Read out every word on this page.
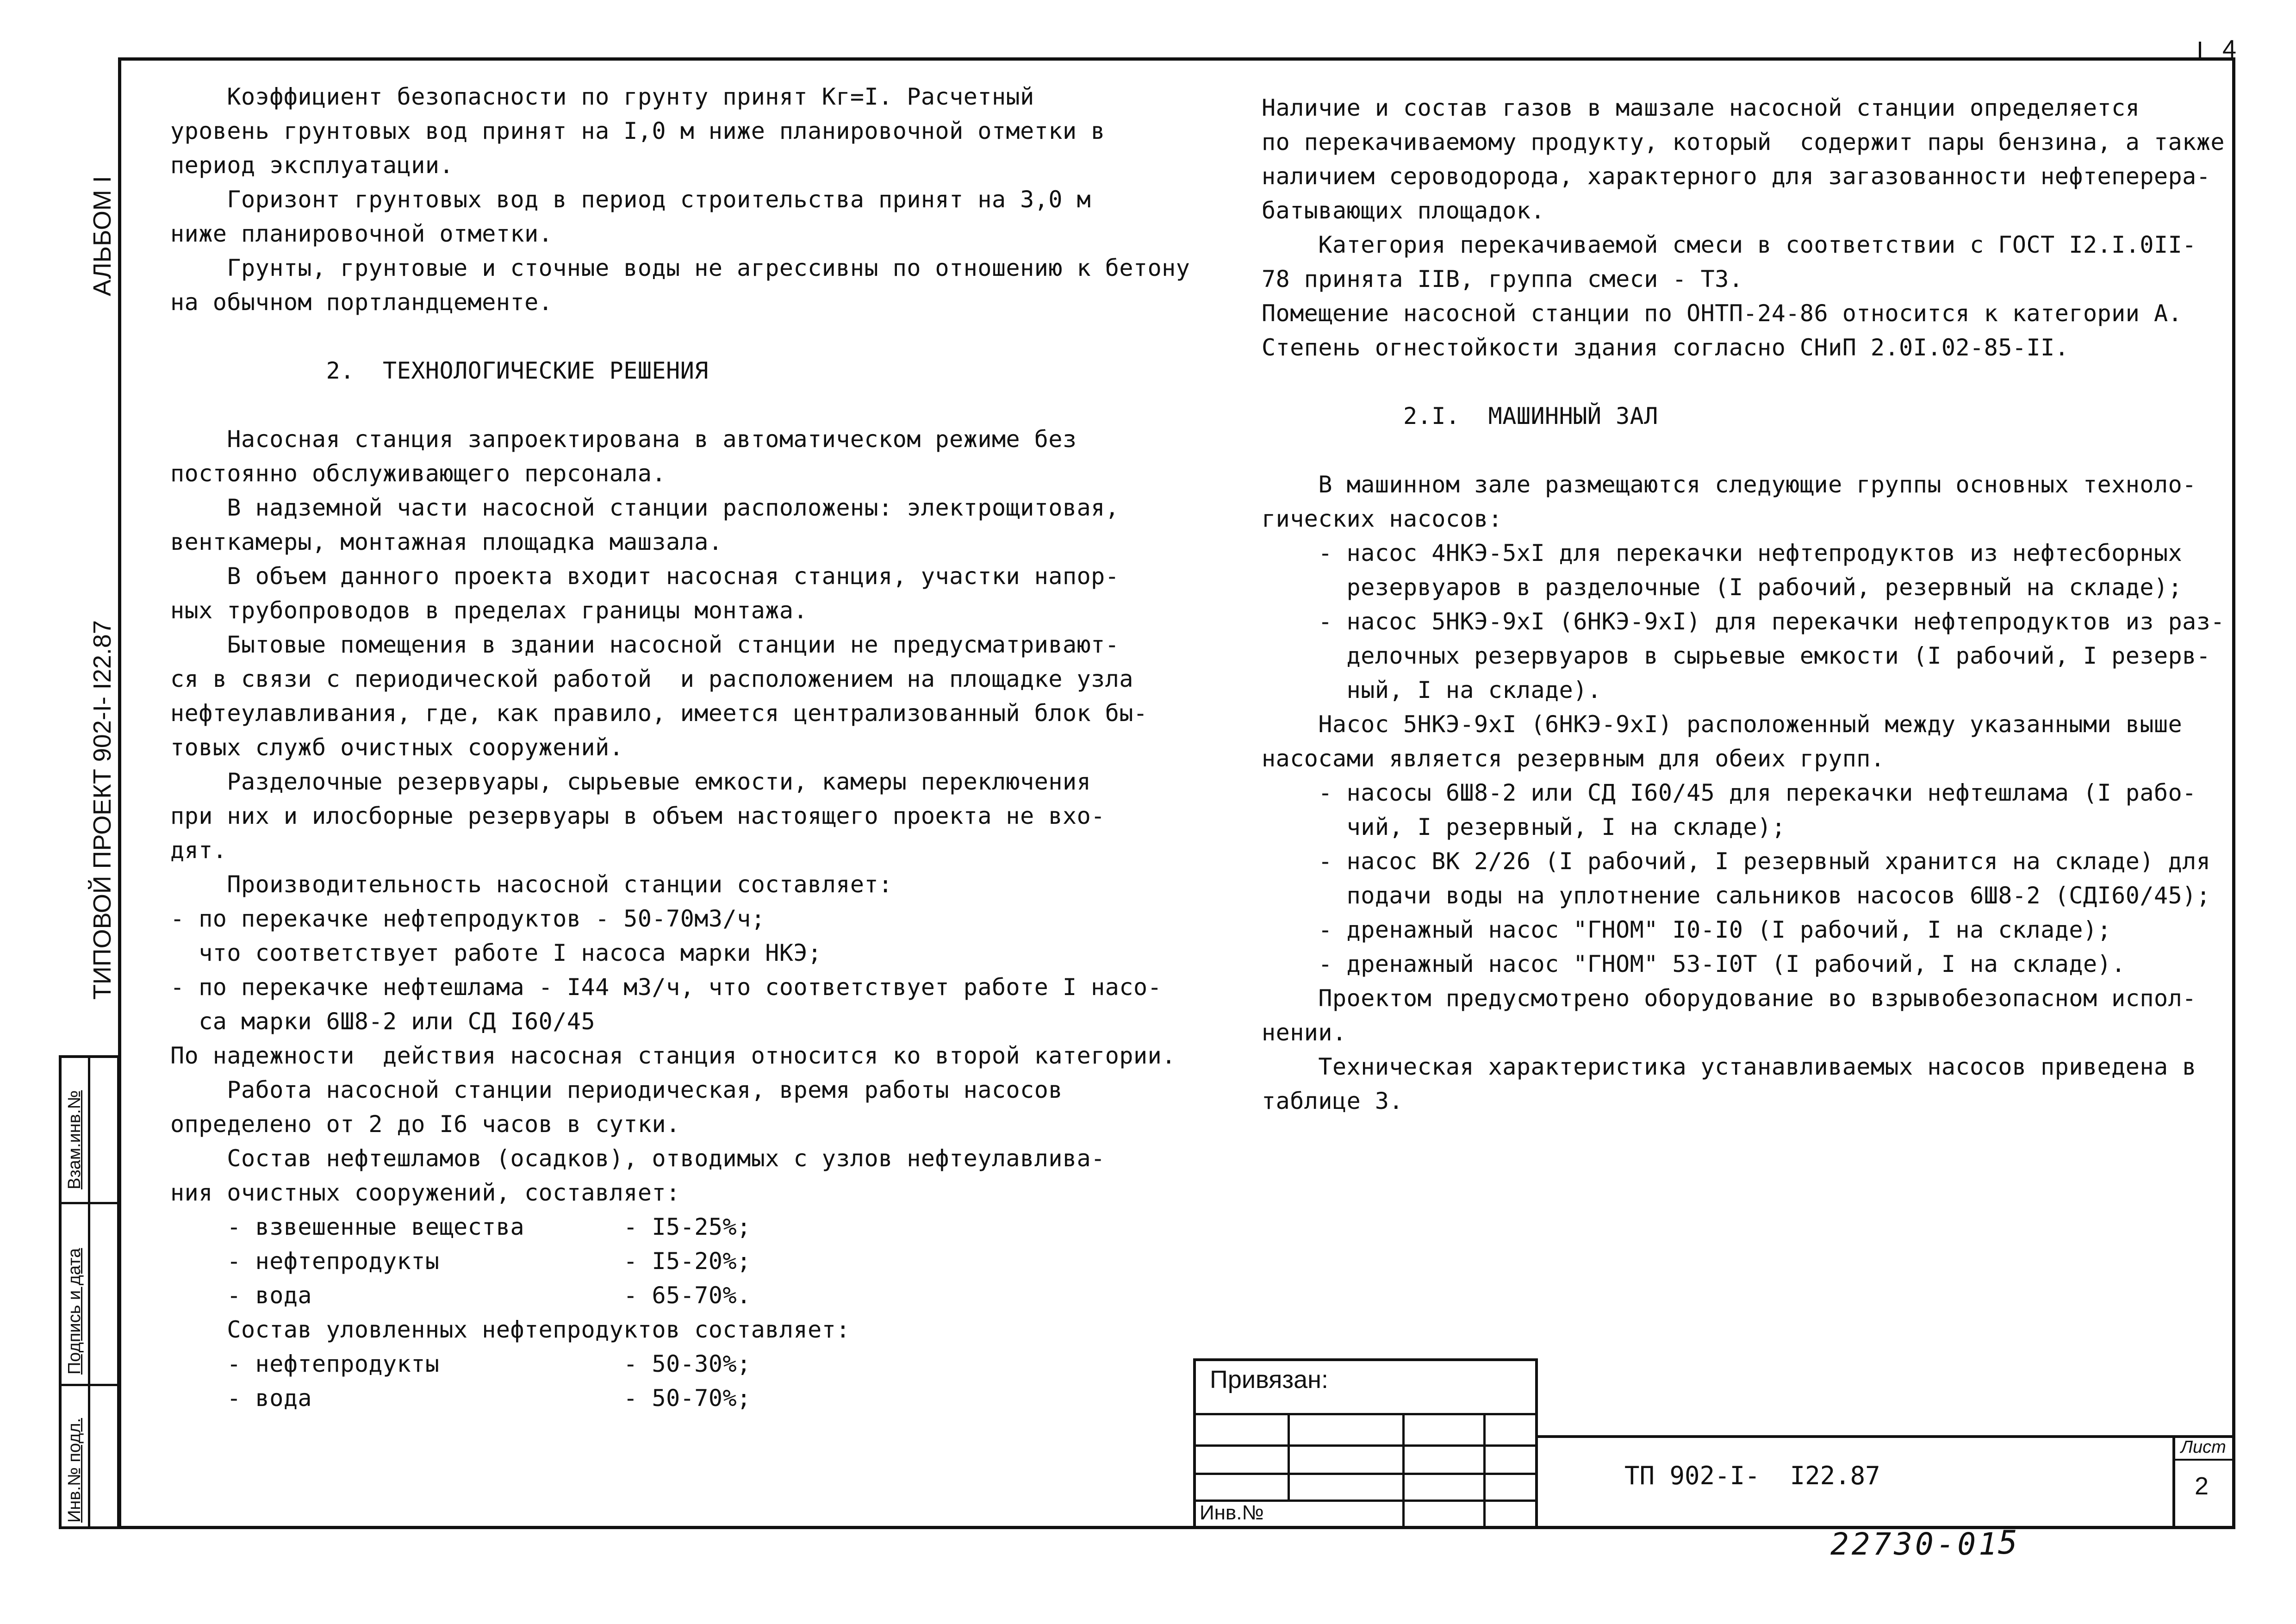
4
АЛЬБОМ I
ТИПОВОЙ ПРОЕКТ 902-I- I22.87
Взам.инв.№
Подпись и дата
Инв.№ подл.
Коэффициент безопасности по грунту принят Кг=I. Расчетный
уровень грунтовых вод принят на I,0 м ниже планировочной отметки в
период эксплуатации.
Горизонт грунтовых вод в период строительства принят на 3,0 м
ниже планировочной отметки.
Грунты, грунтовые и сточные воды не агрессивны по отношению к бетону
на обычном портландцементе.

2.  ТЕХНОЛОГИЧЕСКИЕ РЕШЕНИЯ

Насосная станция запроектирована в автоматическом режиме без
постоянно обслуживающего персонала.
В надземной части насосной станции расположены: электрощитовая,
венткамеры, монтажная площадка машзала.
В объем данного проекта входит насосная станция, участки напор-
ных трубопроводов в пределах границы монтажа.
Бытовые помещения в здании насосной станции не предусматривают-
ся в связи с периодической работой  и расположением на площадке узла
нефтеулавливания, где, как правило, имеется централизованный блок бы-
товых служб очистных сооружений.
Разделочные резервуары, сырьевые емкости, камеры переключения
при них и илосборные резервуары в объем настоящего проекта не вхо-
дят.
Производительность насосной станции составляет:
- по перекачке нефтепродуктов - 50-70м3/ч;
что соответствует работе I насоса марки НКЭ;
- по перекачке нефтешлама - I44 м3/ч, что соответствует работе I насо-
са марки 6Ш8-2 или СД I60/45
По надежности  действия насосная станция относится ко второй категории.
Работа насосной станции периодическая, время работы насосов
определено от 2 до I6 часов в сутки.
Состав нефтешламов (осадков), отводимых с узлов нефтеулавлива-
ния очистных сооружений, составляет:
- взвешенные вещества       - I5-25%;
- нефтепродукты             - I5-20%;
- вода                      - 65-70%.
Состав уловленных нефтепродуктов составляет:
- нефтепродукты             - 50-30%;
- вода                      - 50-70%;
Наличие и состав газов в машзале насосной станции определяется
по перекачиваемому продукту, который  содержит пары бензина, а также
наличием сероводорода, характерного для загазованности нефтеперера-
батывающих площадок.
Категория перекачиваемой смеси в соответствии с ГОСТ I2.I.0II-
78 принята IIВ, группа смеси - Т3.
Помещение насосной станции по ОНТП-24-86 относится к категории А.
Степень огнестойкости здания согласно СНиП 2.0I.02-85-II.

2.I.  МАШИННЫЙ ЗАЛ

В машинном зале размещаются следующие группы основных техноло-
гических насосов:
- насос 4НКЭ-5хI для перекачки нефтепродуктов из нефтесборных
резервуаров в разделочные (I рабочий, резервный на складе);
- насос 5НКЭ-9хI (6НКЭ-9хI) для перекачки нефтепродуктов из раз-
делочных резервуаров в сырьевые емкости (I рабочий, I резерв-
ный, I на складе).
Насос 5НКЭ-9хI (6НКЭ-9хI) расположенный между указанными выше
насосами является резервным для обеих групп.
- насосы 6Ш8-2 или СД I60/45 для перекачки нефтешлама (I рабо-
чий, I резервный, I на складе);
- насос ВК 2/26 (I рабочий, I резервный хранится на складе) для
подачи воды на уплотнение сальников насосов 6Ш8-2 (СДI60/45);
- дренажный насос "ГНОМ" I0-I0 (I рабочий, I на складе);
- дренажный насос "ГНОМ" 53-I0Т (I рабочий, I на складе).
Проектом предусмотрено оборудование во взрывобезопасном испол-
нении.
Техническая характеристика устанавливаемых насосов приведена в
таблице 3.
Привязан:
Инв.№
ТП 902-I-  I22.87
Лист
2
22730-01
5
